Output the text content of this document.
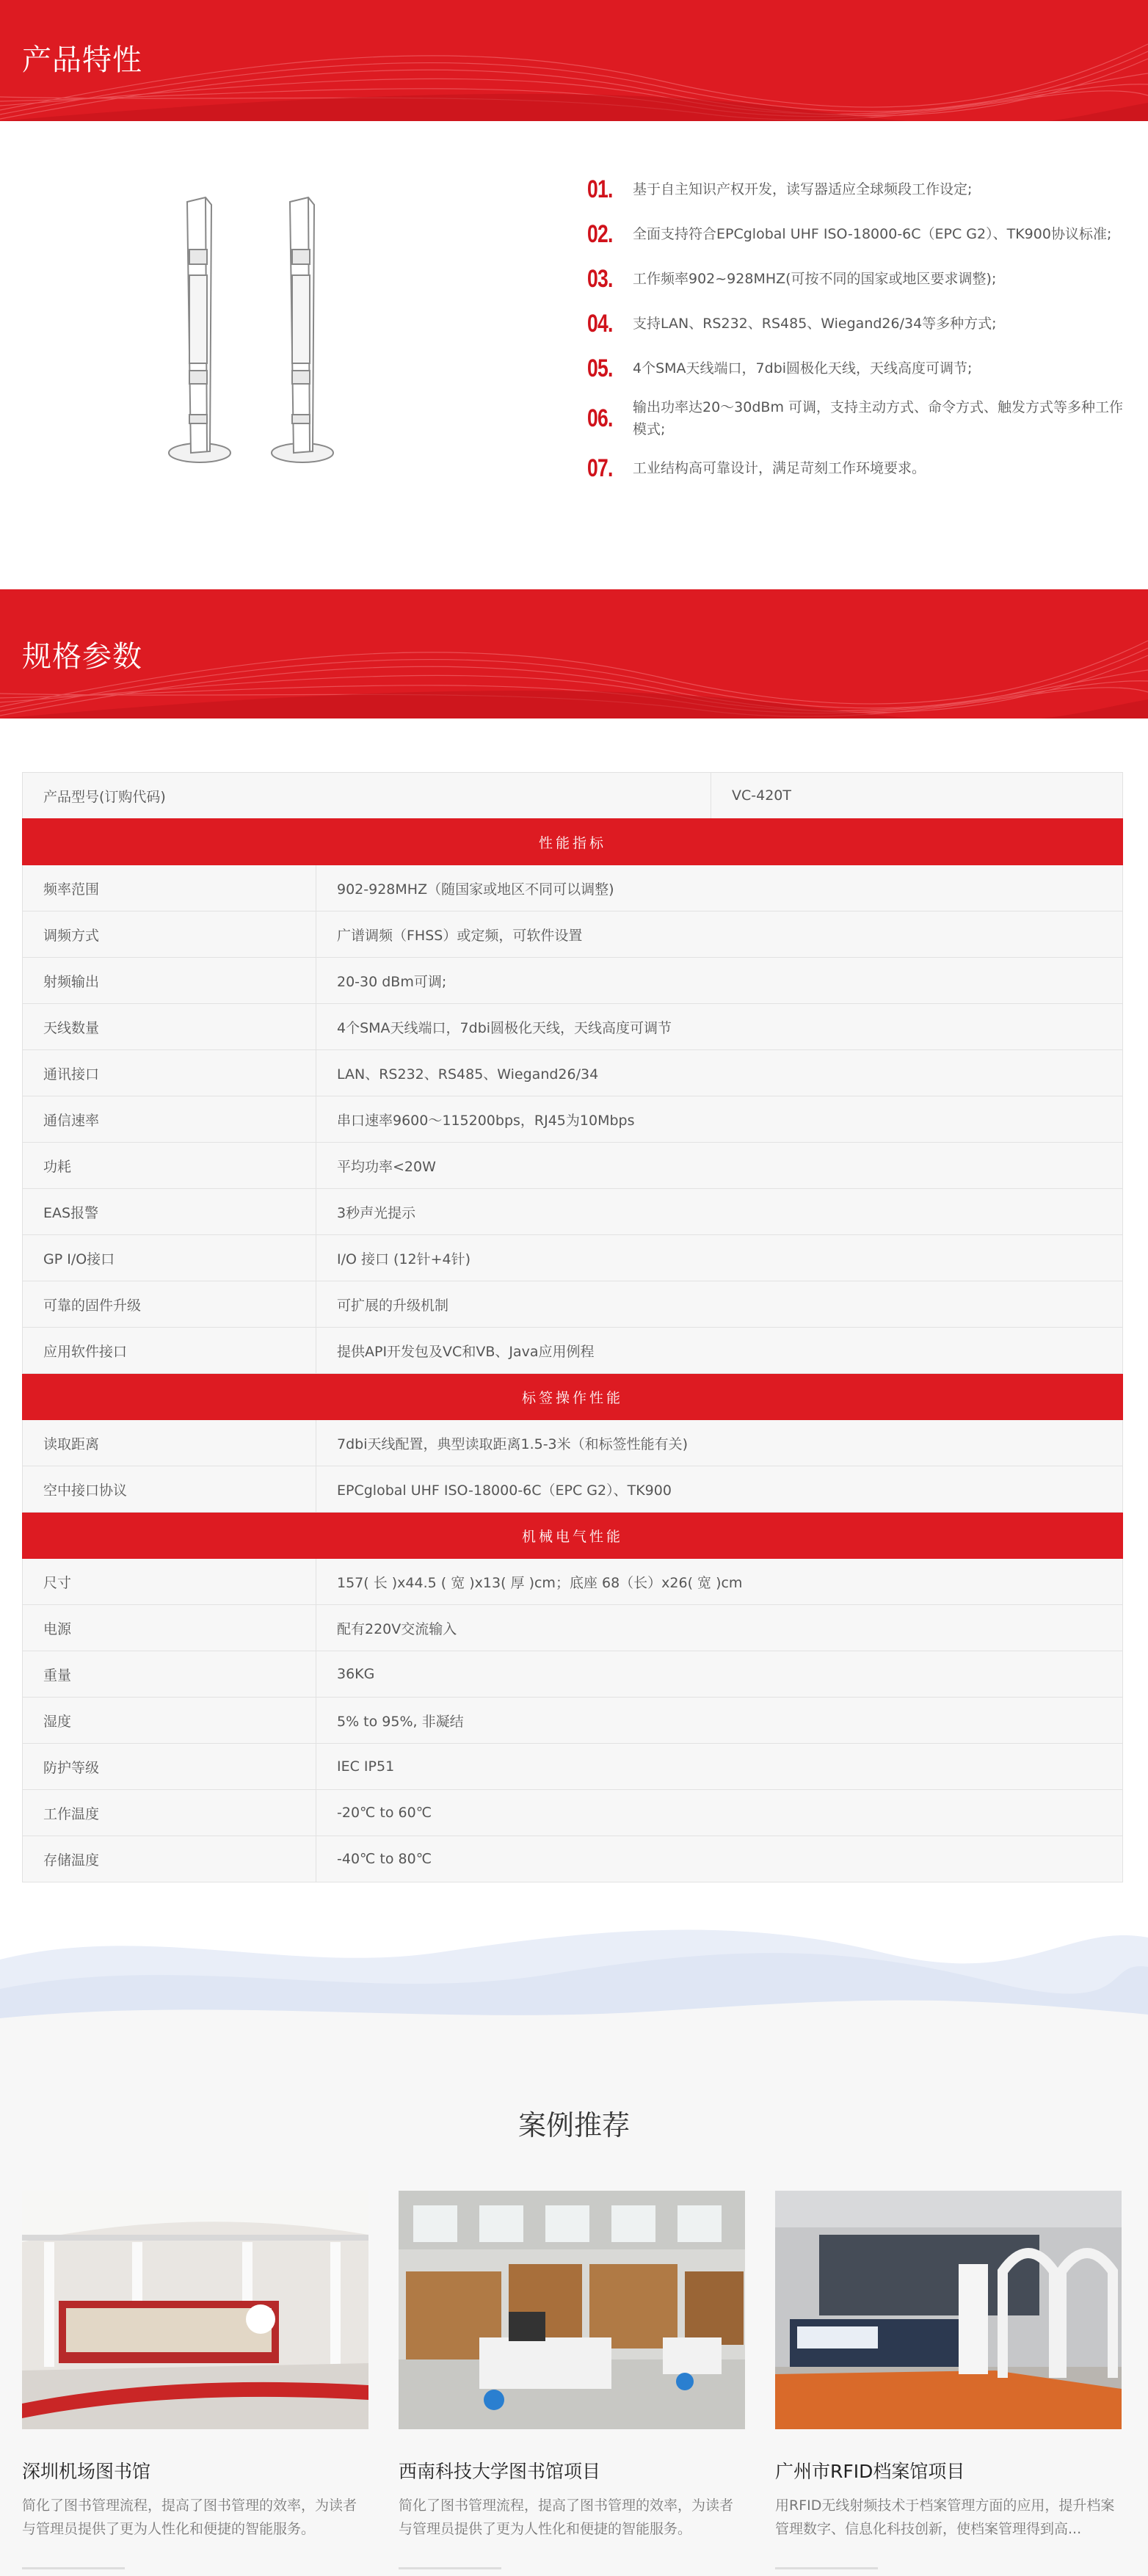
产品特性
01.	基于自主知识产权开发，读写器适应全球频段工作设定;
02.	全面支持符合EPCglobal UHF ISO-18000-6C（EPC G2）、TK900协议标准;
03.	工作频率902~928MHZ(可按不同的国家或地区要求调整);
04.	支持LAN、RS232、RS485、Wiegand26/34等多种方式;
05.	4个SMA天线端口，7dbi圆极化天线，天线高度可调节;
06.	输出功率达20～30dBm 可调，支持主动方式、命令方式、触发方式等多种工作模式;
07.	工业结构高可靠设计，满足苛刻工作环境要求。
规格参数
产品型号(订购代码)	VC-420T
性能指标	
频率范围	902-928MHZ（随国家或地区不同可以调整)
调频方式	广谱调频（FHSS）或定频，可软件设置
射频输出	20-30 dBm可调;
天线数量	4个SMA天线端口，7dbi圆极化天线，天线高度可调节
通讯接口	LAN、RS232、RS485、Wiegand26/34
通信速率	串口速率9600～115200bps，RJ45为10Mbps
功耗	平均功率<20W
EAS报警	3秒声光提示
GP I/O接口	I/O 接口 (12针+4针)
可靠的固件升级	可扩展的升级机制
应用软件接口	提供API开发包及VC和VB、Java应用例程
标签操作性能	
读取距离	7dbi天线配置，典型读取距离1.5-3米（和标签性能有关)
空中接口协议	EPCglobal UHF ISO-18000-6C（EPC G2）、TK900
机械电气性能	
尺寸	157( 长 )x44.5 ( 宽 )x13( 厚 )cm；底座 68（长）x26( 宽 )cm
电源	配有220V交流输入
重量	36KG
湿度	5% to 95%, 非凝结
防护等级	IEC IP51
工作温度	-20℃ to 60℃
存储温度	-40℃ to 80℃
案例推荐
深圳机场图书馆
简化了图书管理流程，提高了图书管理的效率，为读者与管理员提供了更为人性化和便捷的智能服务。
西南科技大学图书馆项目
简化了图书管理流程，提高了图书管理的效率，为读者与管理员提供了更为人性化和便捷的智能服务。
广州市RFID档案馆项目
用RFID无线射频技术于档案管理方面的应用，提升档案管理数字、信息化科技创新，使档案管理得到高...
